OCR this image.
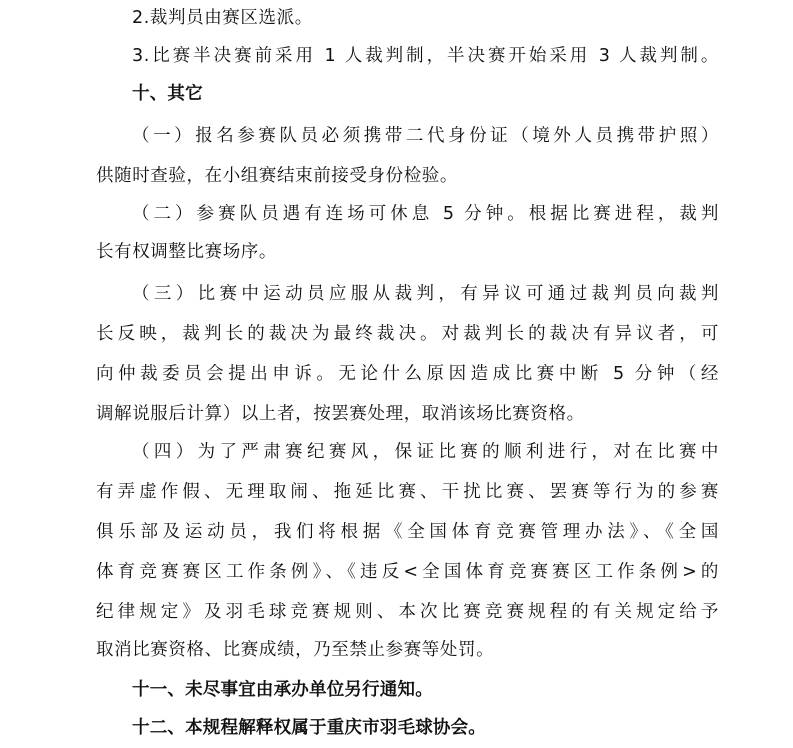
2.裁判员由赛区选派。
3.比赛半决赛前采用 1 人裁判制，半决赛开始采用 3 人裁判制。
十、其它
（一）报名参赛队员必须携带二代身份证（境外人员携带护照）
供随时查验，在小组赛结束前接受身份检验。
（二）参赛队员遇有连场可休息 5 分钟。根据比赛进程，裁判
长有权调整比赛场序。
（三）比赛中运动员应服从裁判，有异议可通过裁判员向裁判
长反映，裁判长的裁决为最终裁决。对裁判长的裁决有异议者，可
向仲裁委员会提出申诉。无论什么原因造成比赛中断 5 分钟（经
调解说服后计算）以上者，按罢赛处理，取消该场比赛资格。
（四）为了严肃赛纪赛风，保证比赛的顺利进行，对在比赛中
有弄虚作假、无理取闹、拖延比赛、干扰比赛、罢赛等行为的参赛
俱乐部及运动员，我们将根据《全国体育竞赛管理办法》、《全国
体育竞赛赛区工作条例》、《违反<全国体育竞赛赛区工作条例>的
纪律规定》及羽毛球竞赛规则、本次比赛竞赛规程的有关规定给予
取消比赛资格、比赛成绩，乃至禁止参赛等处罚。
十一、未尽事宜由承办单位另行通知。
十二、本规程解释权属于重庆市羽毛球协会。
